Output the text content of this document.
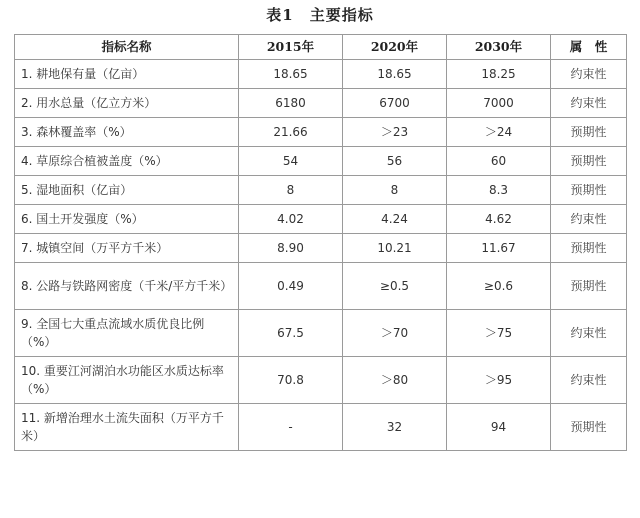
表1　主要指标
指标名称	2015年	2020年	2030年	属　性
1. 耕地保有量（亿亩）	18.65	18.65	18.25	约束性
2. 用水总量（亿立方米）	6180	6700	7000	约束性
3. 森林覆盖率（%）	21.66	＞23	＞24	预期性
4. 草原综合植被盖度（%）	54	56	60	预期性
5. 湿地面积（亿亩）	8	8	8.3	预期性
6. 国土开发强度（%）	4.02	4.24	4.62	约束性
7. 城镇空间（万平方千米）	8.90	10.21	11.67	预期性
8. 公路与铁路网密度（千米/平方千米）	0.49	≥0.5	≥0.6	预期性
9. 全国七大重点流域水质优良比例（%）	67.5	＞70	＞75	约束性
10. 重要江河湖泊水功能区水质达标率（%）	70.8	＞80	＞95	约束性
11. 新增治理水土流失面积（万平方千米）	-	32	94	预期性
